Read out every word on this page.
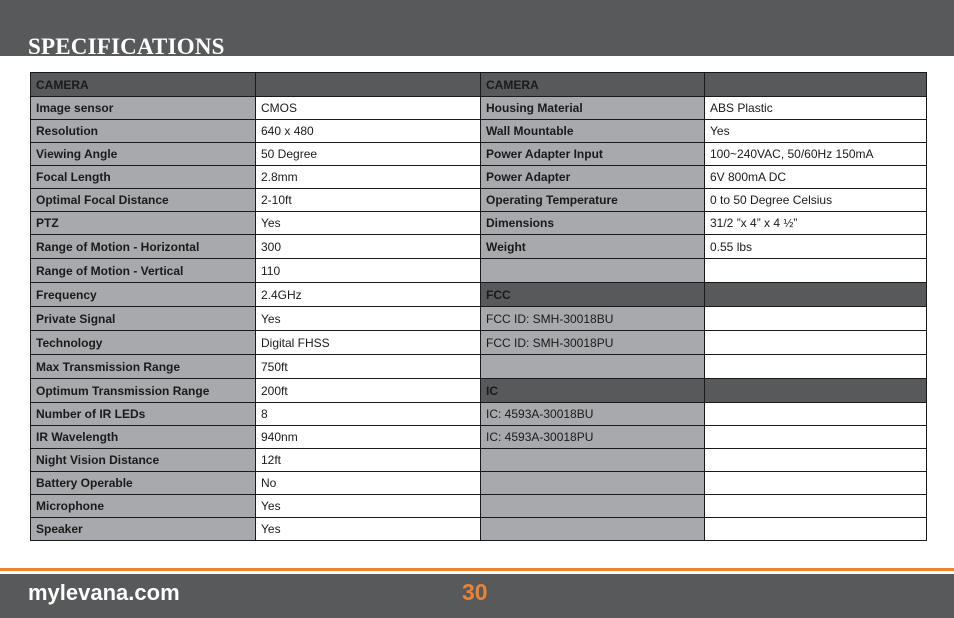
SPECIFICATIONS
CAMERA		CAMERA	
Image sensor	CMOS	Housing Material	ABS Plastic
Resolution	640 x 480	Wall Mountable	Yes
Viewing Angle	50 Degree	Power Adapter Input	100~240VAC, 50/60Hz 150mA
Focal Length	2.8mm	Power Adapter	6V 800mA DC
Optimal Focal Distance	2-10ft	Operating Temperature	0 to 50 Degree Celsius
PTZ	Yes	Dimensions	31/2 ”x 4” x 4 ½”
Range of Motion - Horizontal	300	Weight	0.55 lbs
Range of Motion - Vertical	110		
Frequency	2.4GHz	FCC	
Private Signal	Yes	FCC ID: SMH-30018BU	
Technology	Digital FHSS	FCC ID: SMH-30018PU	
Max Transmission Range	750ft		
Optimum Transmission Range	200ft	IC	
Number of IR LEDs	8	IC: 4593A-30018BU	
IR Wavelength	940nm	IC: 4593A-30018PU	
Night Vision Distance	12ft		
Battery Operable	No		
Microphone	Yes		
Speaker	Yes		
mylevana.com	30
